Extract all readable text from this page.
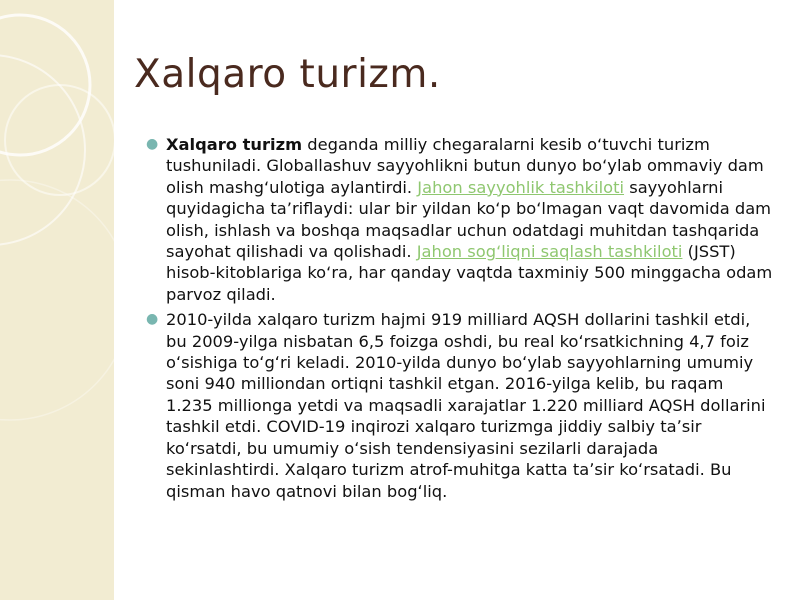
Xalqaro turizm.
● Xalqaro turizm deganda milliy chegaralarni kesib o‘tuvchi turizm tushuniladi. Globallashuv sayyohlikni butun dunyo bo‘ylab ommaviy dam olish mashg‘ulotiga aylantirdi. Jahon sayyohlik tashkiloti sayyohlarni quyidagicha ta’riflaydi: ular bir yildan ko‘p bo‘lmagan vaqt davomida dam olish, ishlash va boshqa maqsadlar uchun odatdagi muhitdan tashqarida sayohat qilishadi va qolishadi. Jahon sog‘liqni saqlash tashkiloti (JSST) hisob-kitoblariga ko‘ra, har qanday vaqtda taxminiy 500 minggacha odam parvoz qiladi.
● 2010-yilda xalqaro turizm hajmi 919 milliard AQSH dollarini tashkil etdi, bu 2009-yilga nisbatan 6,5 foizga oshdi, bu real koʻrsatkichning 4,7 foiz oʻsishiga toʻgʻri keladi. 2010-yilda dunyo boʻylab sayyohlarning umumiy soni 940 milliondan ortiqni tashkil etgan. 2016-yilga kelib, bu raqam 1.235 millionga yetdi va maqsadli xarajatlar 1.220 milliard AQSH dollarini tashkil etdi. COVID-19 inqirozi xalqaro turizmga jiddiy salbiy taʼsir koʻrsatdi, bu umumiy oʻsish tendensiyasini sezilarli darajada sekinlashtirdi. Xalqaro turizm atrof-muhitga katta taʼsir koʻrsatadi. Bu qisman havo qatnovi bilan bogʻliq.
